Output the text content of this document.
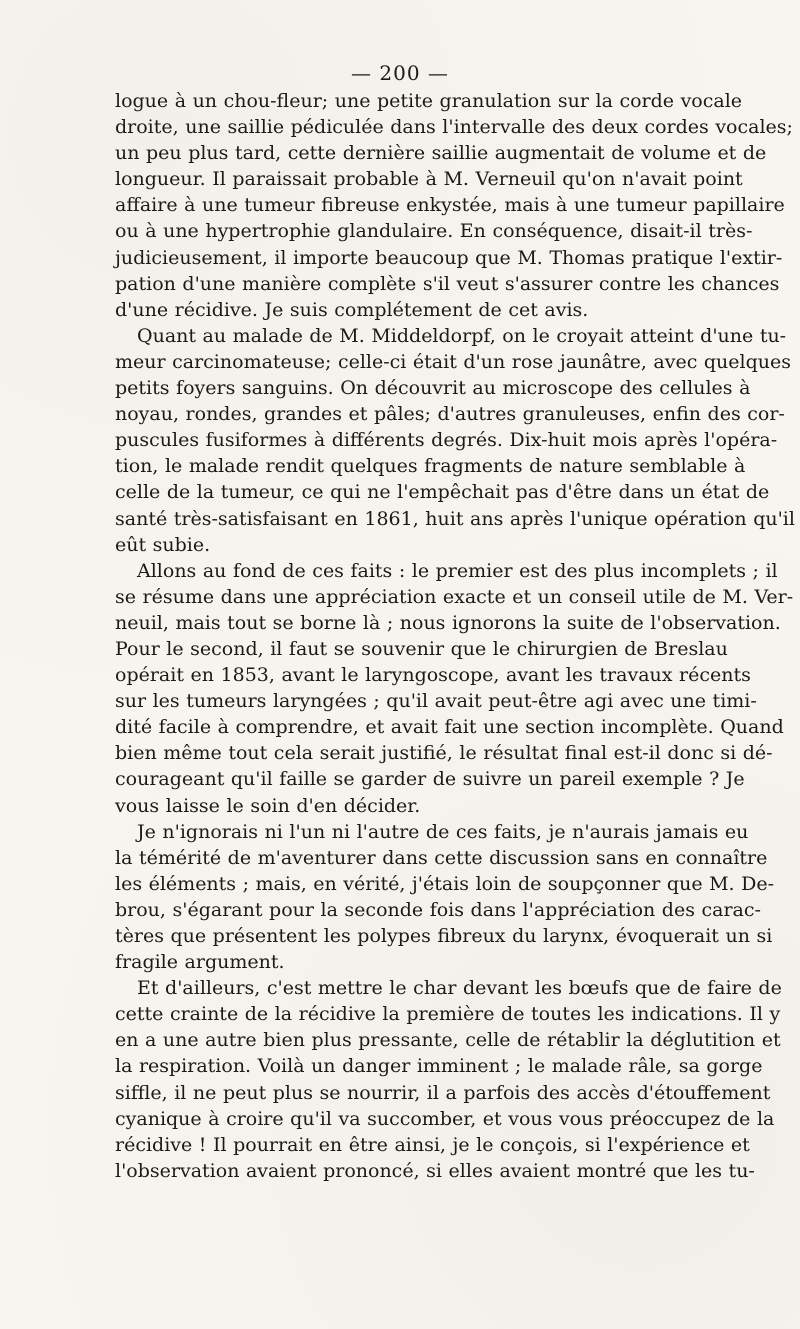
— 200 —
logue à un chou-fleur; une petite granulation sur la corde vocale
droite, une saillie pédiculée dans l'intervalle des deux cordes vocales;
un peu plus tard, cette dernière saillie augmentait de volume et de
longueur. Il paraissait probable à M. Verneuil qu'on n'avait point
affaire à une tumeur fibreuse enkystée, mais à une tumeur papillaire
ou à une hypertrophie glandulaire. En conséquence, disait-il très-
judicieusement, il importe beaucoup que M. Thomas pratique l'extir-
pation d'une manière complète s'il veut s'assurer contre les chances
d'une récidive. Je suis complétement de cet avis.
Quant au malade de M. Middeldorpf, on le croyait atteint d'une tu-
meur carcinomateuse; celle-ci était d'un rose jaunâtre, avec quelques
petits foyers sanguins. On découvrit au microscope des cellules à
noyau, rondes, grandes et pâles; d'autres granuleuses, enfin des cor-
puscules fusiformes à différents degrés. Dix-huit mois après l'opéra-
tion, le malade rendit quelques fragments de nature semblable à
celle de la tumeur, ce qui ne l'empêchait pas d'être dans un état de
santé très-satisfaisant en 1861, huit ans après l'unique opération qu'il
eût subie.
Allons au fond de ces faits : le premier est des plus incomplets ; il
se résume dans une appréciation exacte et un conseil utile de M. Ver-
neuil, mais tout se borne là ; nous ignorons la suite de l'observation.
Pour le second, il faut se souvenir que le chirurgien de Breslau
opérait en 1853, avant le laryngoscope, avant les travaux récents
sur les tumeurs laryngées ; qu'il avait peut-être agi avec une timi-
dité facile à comprendre, et avait fait une section incomplète. Quand
bien même tout cela serait justifié, le résultat final est-il donc si dé-
courageant qu'il faille se garder de suivre un pareil exemple ? Je
vous laisse le soin d'en décider.
Je n'ignorais ni l'un ni l'autre de ces faits, je n'aurais jamais eu
la témérité de m'aventurer dans cette discussion sans en connaître
les éléments ; mais, en vérité, j'étais loin de soupçonner que M. De-
brou, s'égarant pour la seconde fois dans l'appréciation des carac-
tères que présentent les polypes fibreux du larynx, évoquerait un si
fragile argument.
Et d'ailleurs, c'est mettre le char devant les bœufs que de faire de
cette crainte de la récidive la première de toutes les indications. Il y
en a une autre bien plus pressante, celle de rétablir la déglutition et
la respiration. Voilà un danger imminent ; le malade râle, sa gorge
siffle, il ne peut plus se nourrir, il a parfois des accès d'étouffement
cyanique à croire qu'il va succomber, et vous vous préoccupez de la
récidive ! Il pourrait en être ainsi, je le conçois, si l'expérience et
l'observation avaient prononcé, si elles avaient montré que les tu-
